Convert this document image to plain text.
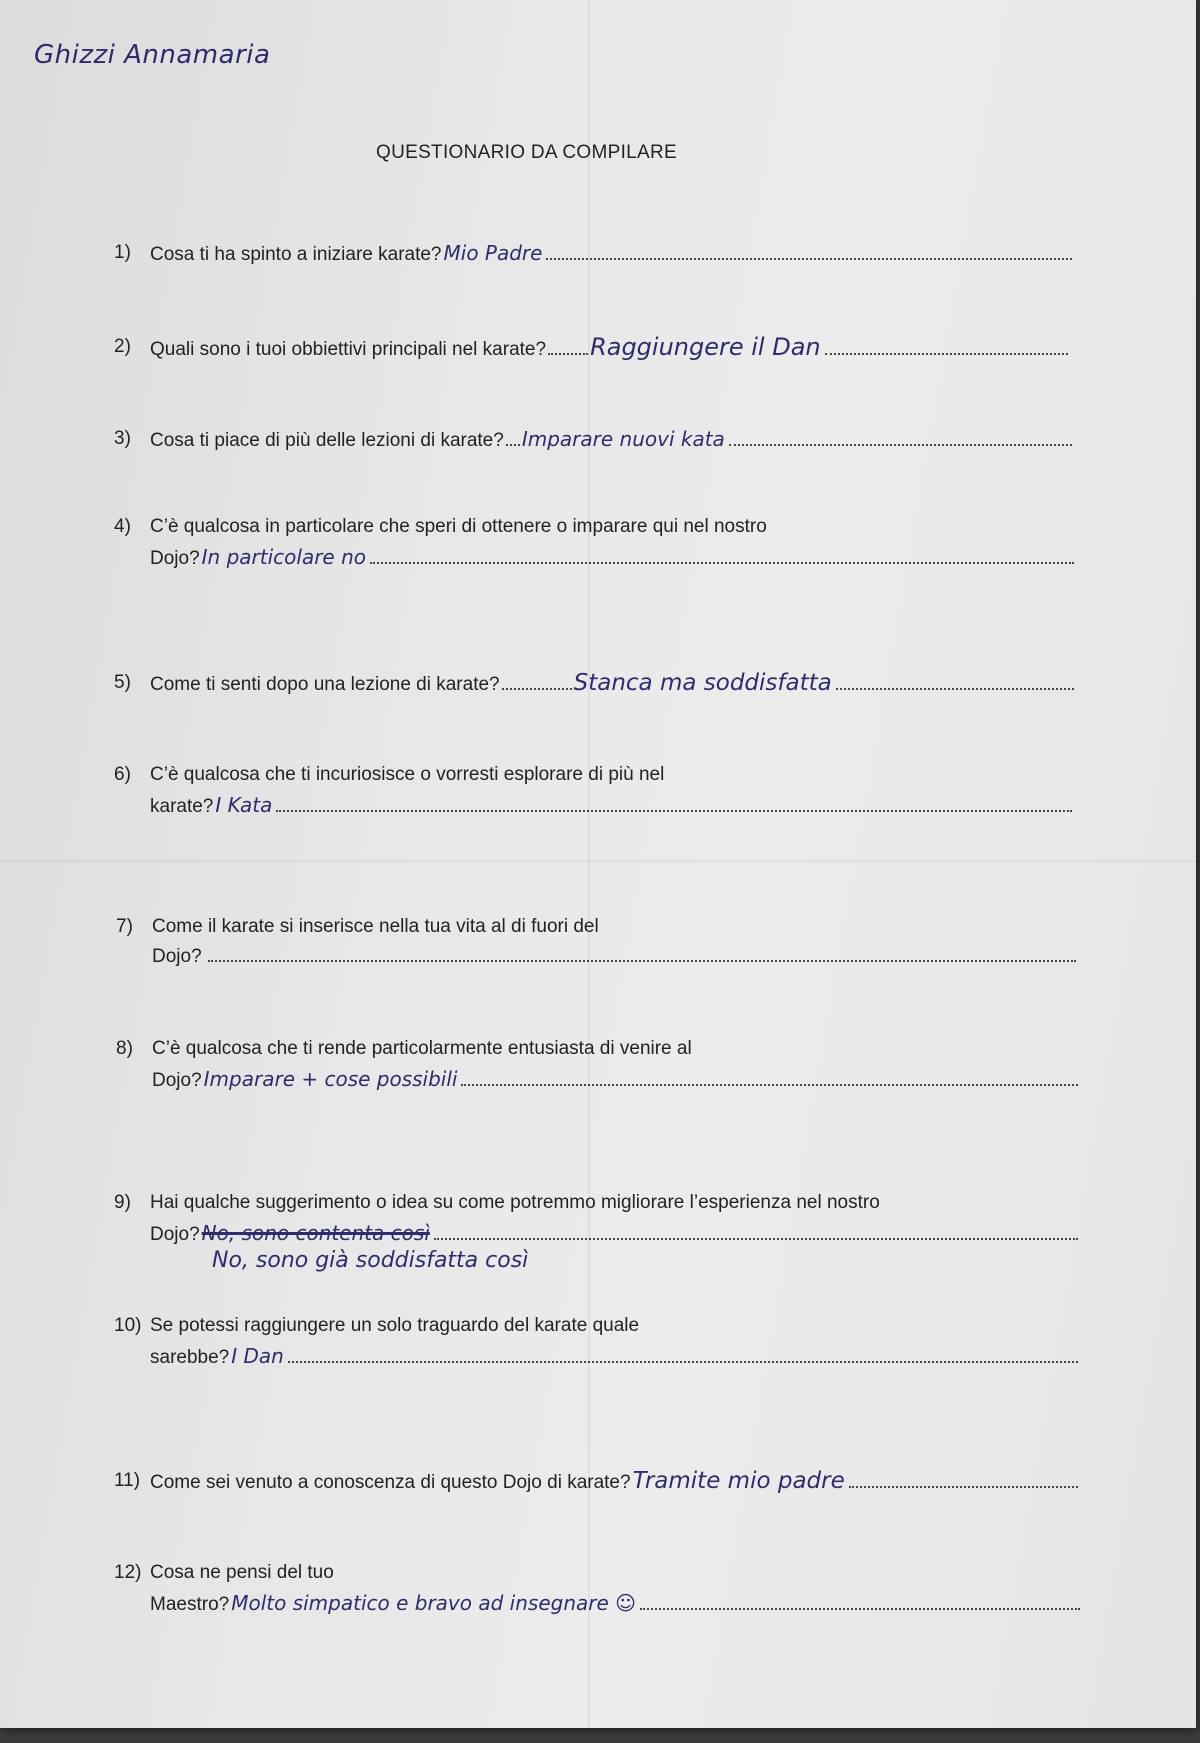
Ghizzi Annamaria
QUESTIONARIO DA COMPILARE
1) Cosa ti ha spinto a iniziare karate? Mio Padre
2) Quali sono i tuoi obbiettivi principali nel karate? Raggiungere il Dan
3) Cosa ti piace di più delle lezioni di karate? Imparare nuovi kata
4) C’è qualcosa in particolare che speri di ottenere o imparare qui nel nostro
Dojo? In particolare no
5) Come ti senti dopo una lezione di karate?	Stanca ma soddisfatta
6) C’è qualcosa che ti incuriosisce o vorresti esplorare di più nel
karate? I Kata
7) Come il karate si inserisce nella tua vita al di fuori del
Dojo?
8) C’è qualcosa che ti rende particolarmente entusiasta di venire al
Dojo? Imparare + cose possibili
9) Hai qualche suggerimento o idea su come potremmo migliorare l’esperienza nel nostro
Dojo? No, sono contenta così
No, sono già soddisfatta così
10) Se potessi raggiungere un solo traguardo del karate quale
sarebbe? I Dan
11) Come sei venuto a conoscenza di questo Dojo di karate? Tramite mio padre
12) Cosa ne pensi del tuo
Maestro? Molto simpatico e bravo ad insegnare ☺
